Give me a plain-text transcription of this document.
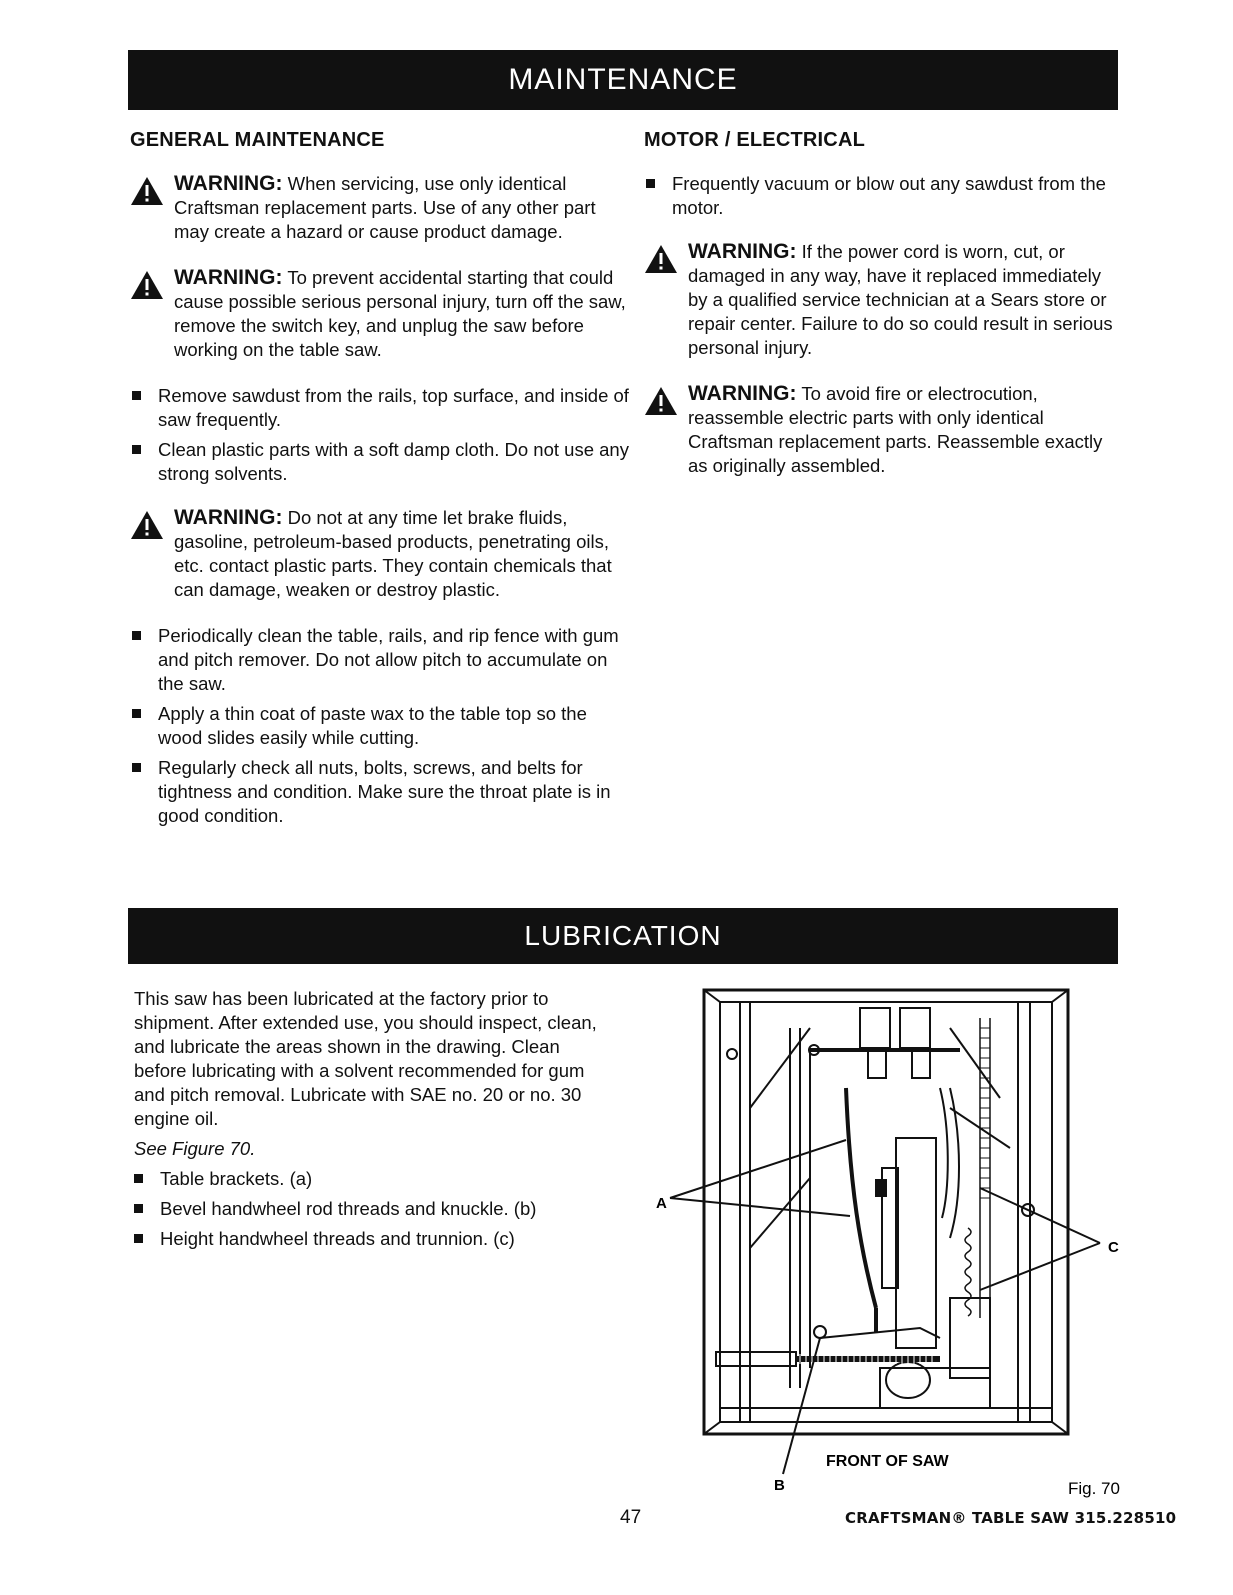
MAINTENANCE
GENERAL MAINTENANCE
WARNING: When servicing, use only identical Craftsman replacement parts. Use of any other part may create a hazard or cause product damage.
WARNING: To prevent accidental starting that could cause possible serious personal injury, turn off the saw, remove the switch key, and unplug the saw before working on the table saw.
Remove sawdust from the rails, top surface, and inside of saw frequently.
Clean plastic parts with a soft damp cloth. Do not use any strong solvents.
WARNING: Do not at any time let brake fluids, gasoline, petroleum-based products, penetrating oils, etc. contact plastic parts. They contain chemicals that can damage, weaken or destroy plastic.
Periodically clean the table, rails, and rip fence with gum and pitch remover. Do not allow pitch to accumulate on the saw.
Apply a thin coat of paste wax to the table top so the wood slides easily while cutting.
Regularly check all nuts, bolts, screws, and belts for tightness and condition. Make sure the throat plate is in good condition.
MOTOR / ELECTRICAL
Frequently vacuum or blow out any sawdust from the motor.
WARNING: If the power cord is worn, cut, or damaged in any way, have it replaced immediately by a qualified service technician at a Sears store or repair center. Failure to do so could result in serious personal injury.
WARNING: To avoid fire or electrocution, reassemble electric parts with only identical Craftsman replacement parts. Reassemble exactly as originally assembled.
LUBRICATION

This saw has been lubricated at the factory prior to shipment. After extended use, you should inspect, clean, and lubricate the areas shown in the drawing. Clean before lubricating with a solvent recommended for gum and pitch removal. Lubricate with SAE no. 20 or no. 30 engine oil.

See Figure 70.

Table brackets. (a)
Bevel handwheel rod threads and knuckle. (b)
Height handwheel threads and trunnion. (c)
A
C
B
FRONT OF SAW
Fig. 70
47	CRAFTSMAN® TABLE SAW 315.228510
